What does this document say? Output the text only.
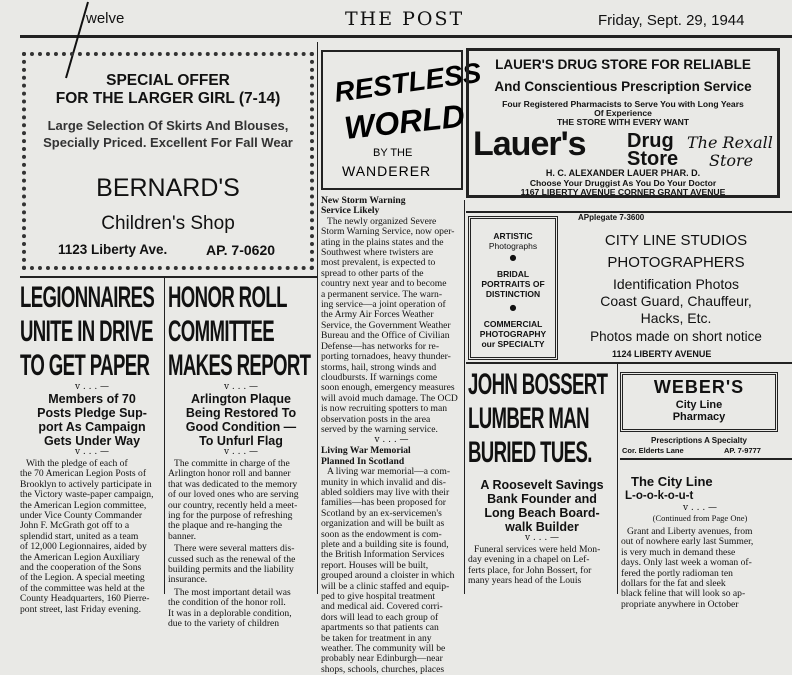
welve	THE POST	Friday, Sept. 29, 1944
SPECIAL OFFER
FOR THE LARGER GIRL (7-14)
Large Selection Of Skirts And Blouses,
Specially Priced. Excellent For Fall Wear
BERNARD'S
Children's Shop
1123 Liberty Ave.	AP. 7-0620
RESTLESS
WORLD
BY THE
WANDERER
LAUER'S DRUG STORE FOR RELIABLE
And Conscientious Prescription Service
Four Registered Pharmacists to Serve You with Long Years
Of Experience
THE STORE WITH EVERY WANT
Lauer's Drug
Store
The Rexall
Store
H. C. ALEXANDER LAUER PHAR. D.
Choose Your Druggist As You Do Your Doctor
1167 LIBERTY AVENUE CORNER GRANT AVENUE
APplegate 7-3600
ARTISTIC
Photographs
●
BRIDAL
PORTRAITS OF
DISTINCTION
●
COMMERCIAL
PHOTOGRAPHY
our SPECIALTY
CITY LINE STUDIOS
PHOTOGRAPHERS
Identification Photos
Coast Guard, Chauffeur,
Hacks, Etc.
Photos made on short notice
1124 LIBERTY AVENUE
LEGIONNAIRES
UNITE IN DRIVE
TO GET PAPER
v . . . —
Members of 70
Posts Pledge Sup-
port As Campaign
Gets Under Way
v . . . —
With the pledge of each of
the 70 American Legion Posts of
Brooklyn to actively participate in
the Victory waste-paper campaign,
the American Legion committee,
under Vice County Commander
John F. McGrath got off to a
splendid start, united as a team
of 12,000 Legionnaires, aided by
the American Legion Auxiliary
and the cooperation of the Sons
of the Legion. A special meeting
of the committee was held at the
County Headquarters, 160 Pierre-
pont street, last Friday evening.
HONOR ROLL
COMMITTEE
MAKES REPORT
v . . . —
Arlington Plaque
Being Restored To
Good Condition —
To Unfurl Flag
v . . . —
The committe in charge of the
Arlington honor roll and banner
that was dedicated to the memory
of our loved ones who are serving
our country, recently held a meet-
ing for the purpose of refreshing
the plaque and re-hanging the
banner.
There were several matters dis-
cussed such as the renewal of the
building permits and the liability
insurance.
The most important detail was
the condition of the honor roll.
It was in a deplorable condition,
due to the variety of children
New Storm Warning
Service Likely
The newly organized Severe
Storm Warning Service, now oper-
ating in the plains states and the
Southwest where twisters are
most prevalent, is expected to
spread to other parts of the
country next year and to become
a permanent service. The warn-
ing service—a joint operation of
the Army Air Forces Weather
Service, the Government Weather
Bureau and the Office of Civilian
Defense—has networks for re-
porting tornadoes, heavy thunder-
storms, hail, strong winds and
cloudbursts. If warnings come
soon enough, emergency measures
will avoid much damage. The OCD
is now recruiting spotters to man
observation posts in the area
served by the warning service.
v . . . —
Living War Memorial
Planned In Scotland
A living war memorial—a com-
munity in which invalid and dis-
abled soldiers may live with their
families—has been proposed for
Scotland by an ex-servicemen's
organization and will be built as
soon as the endowment is com-
plete and a building site is found,
the British Information Services
report. Houses will be built,
grouped around a cloister in which
will be a clinic staffed and equip-
ped to give hospital treatment
and medical aid. Covered corri-
dors will lead to each group of
apartments so that patients can
be taken for treatment in any
weather. The community will be
probably near Edinburgh—near
shops, schools, churches, places
JOHN BOSSERT
LUMBER MAN
BURIED TUES.
A Roosevelt Savings
Bank Founder and
Long Beach Board-
walk Builder
v . . . —
Funeral services were held Mon-
day evening in a chapel on Lef-
ferts place, for John Bossert, for
many years head of the Louis
WEBER'S
City Line
Pharmacy
Prescriptions A Specialty
Cor. Elderts Lane	AP. 7-9777
The City Line
L-o-o-k-o-u-t
v . . . —
(Continued from Page One)
Grant and Liberty avenues, from
out of nowhere early last Summer,
is very much in demand these
days. Only last week a woman of-
fered the portly radioman ten
dollars for the fat and sleek
black feline that will look so ap-
propriate anywhere in October
